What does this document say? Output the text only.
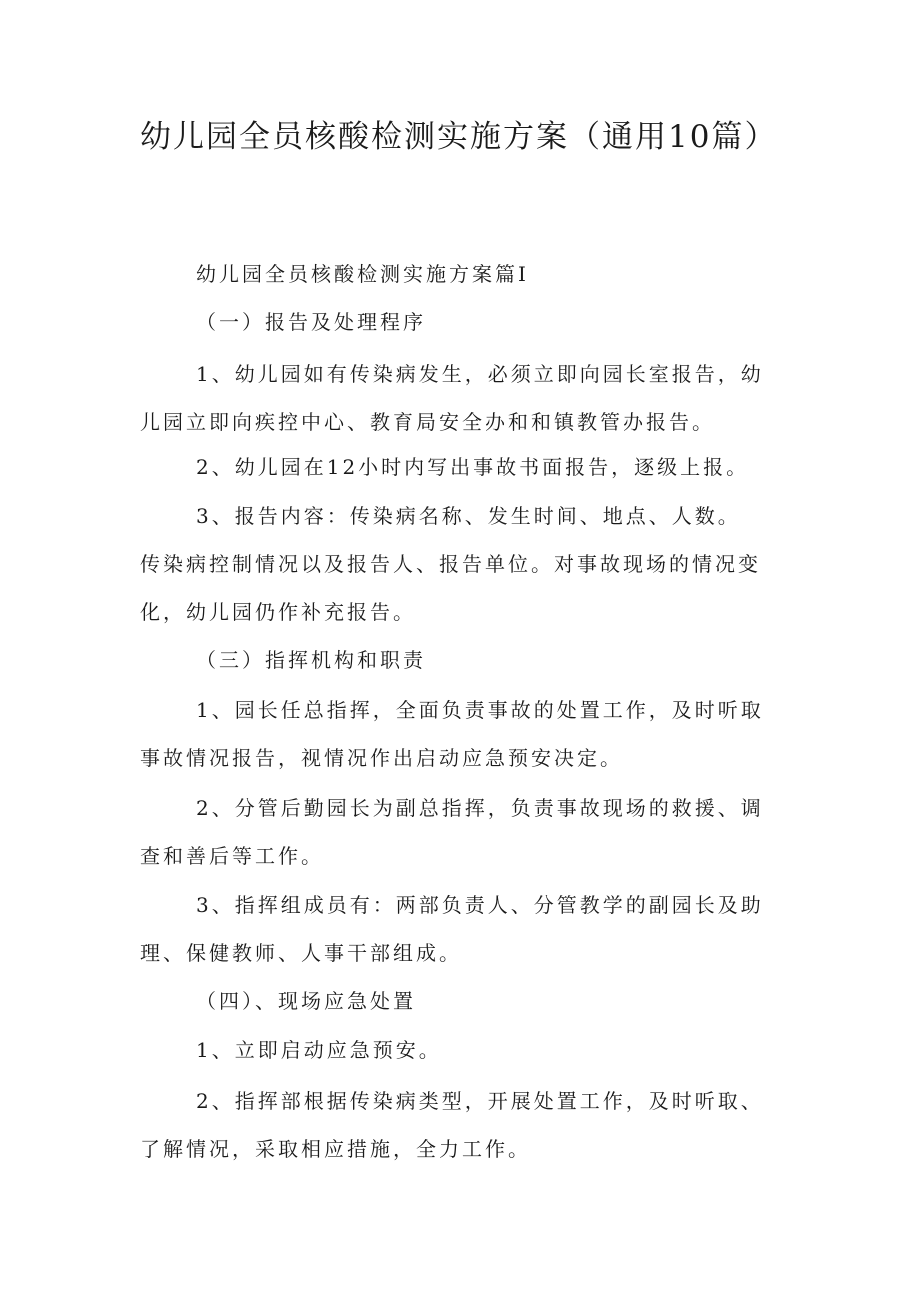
幼儿园全员核酸检测实施方案（通用10篇）

幼儿园全员核酸检测实施方案篇Ⅰ

（一）报告及处理程序

1、幼儿园如有传染病发生，必须立即向园长室报告，幼儿园立即向疾控中心、教育局安全办和和镇教管办报告。

2、幼儿园在12小时内写出事故书面报告，逐级上报。

3、报告内容：传染病名称、发生时间、地点、人数。

传染病控制情况以及报告人、报告单位。对事故现场的情况变化，幼儿园仍作补充报告。

（三）指挥机构和职责

1、园长任总指挥，全面负责事故的处置工作，及时听取事故情况报告，视情况作出启动应急预安决定。

2、分管后勤园长为副总指挥，负责事故现场的救援、调查和善后等工作。

3、指挥组成员有：两部负责人、分管教学的副园长及助理、保健教师、人事干部组成。

（四）、现场应急处置

1、立即启动应急预安。

2、指挥部根据传染病类型，开展处置工作，及时听取、了解情况，采取相应措施，全力工作。
